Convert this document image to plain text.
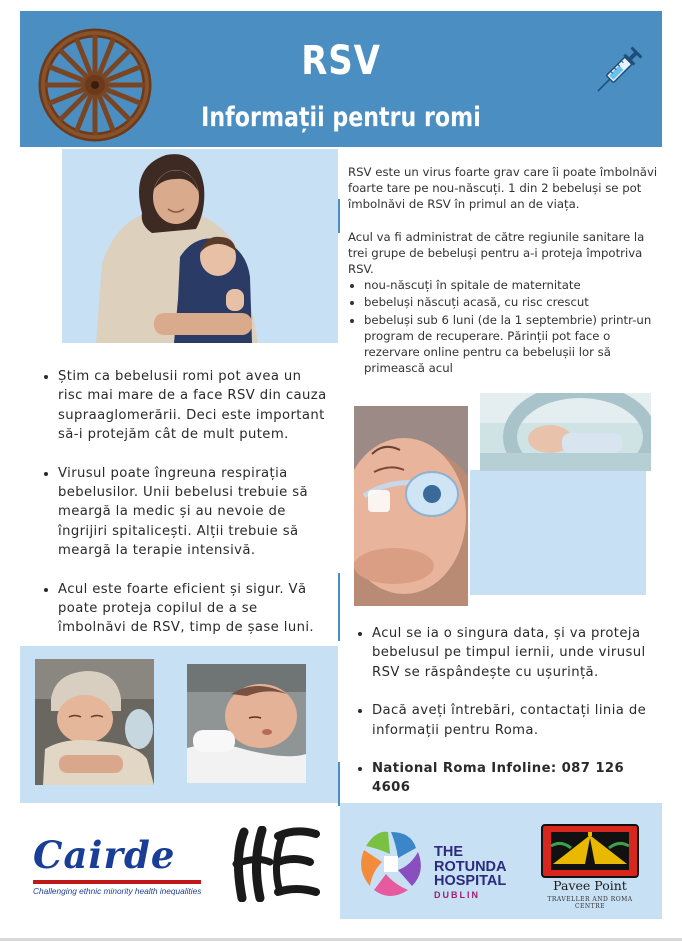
RSV
Informații pentru romi

RSV este un virus foarte grav care îi poate îmbolnăvi foarte tare pe nou-născuți. 1 din 2 bebeluși se pot îmbolnăvi de RSV în primul an de viața.

Acul va fi administrat de către regiunile sanitare la trei grupe de bebeluși pentru a-i proteja împotriva RSV.

• nou-născuți în spitale de maternitate
• bebeluși născuți acasă, cu risc crescut
• bebeluși sub 6 luni (de la 1 septembrie) printr-un program de recuperare. Părinții pot face o rezervare online pentru ca bebelușii lor să primească acul
• Știm ca bebelusii romi pot avea un risc mai mare de a face RSV din cauza supraaglomerării. Deci este important să-i protejăm cât de mult putem.
• Virusul poate îngreuna respirația bebelusilor. Unii bebelusi trebuie să meargă la medic și au nevoie de îngrijiri spitalicești. Alții trebuie să meargă la terapie intensivă.
• Acul este foarte eficient și sigur. Vă poate proteja copilul de a se îmbolnăvi de RSV, timp de șase luni.
•	Acul se ia o singura data, și va proteja bebelusul pe timpul iernii, unde virusul RSV se răspândește cu ușurință.
• Dacă aveți întrebări, contactați linia de informații pentru Roma.
• National Roma Infoline: 087 126 4606
Cairde
Challenging ethnic minority health inequalities
THE
ROTUNDA
HOSPITAL
DUBLIN
Pavee Point
TRAVELLER AND ROMA CENTRE
